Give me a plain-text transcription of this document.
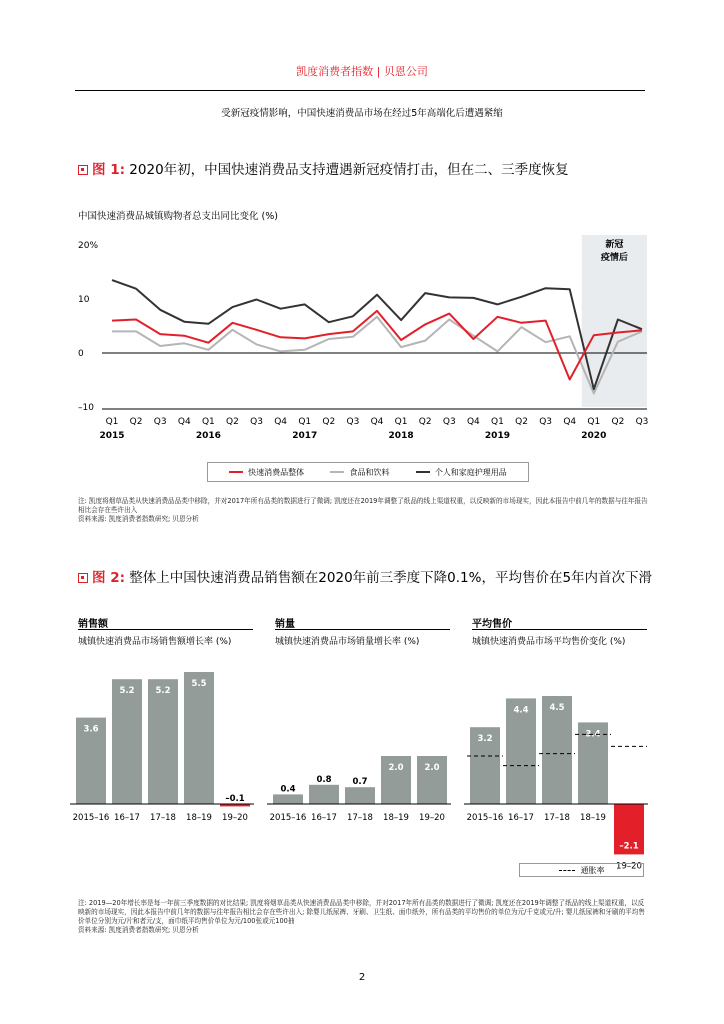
凯度消费者指数 | 贝恩公司
受新冠疫情影响，中国快速消费品市场在经过5年高端化后遭遇紧缩
图 1: 2020年初，中国快速消费品支持遭遇新冠疫情打击，但在二、三季度恢复
中国快速消费品城镇购物者总支出同比变化 (%)
新冠
疫情后
20%
10
0
–10
Q1 Q2 Q3 Q4 Q1 Q2 Q3 Q4 Q1 Q2 Q3 Q4 Q1 Q2 Q3 Q4 Q1 Q2 Q3 Q4 Q1 Q2 Q3
2015	2016	2017	2018	2019	2020
快速消费品整体	食品和饮料	个人和家庭护理用品
注: 凯度将烟草品类从快速消费品品类中移除，并对2017年所有品类的数据进行了微调; 凯度还在2019年调整了纸品的线上渠道权重，以反映新的市场现实，因此本报告中前几年的数据与往年报告相比会存在些许出入
资料来源: 凯度消费者指数研究; 贝恩分析
图 2: 整体上中国快速消费品销售额在2020年前三季度下降0.1%，平均售价在5年内首次下滑
销售额
城镇快速消费品市场销售额增长率 (%)
销量
城镇快速消费品市场销量增长率 (%)
平均售价
城镇快速消费品市场平均售价变化 (%)
3.6
5.2 5.2
5.5
–0.1
2015–16 16–17 17–18 18–19 19–20
0.4
0.8 0.7
2.0 2.0
2015–16 16–17 17–18 18–19 19–20
3.2
4.4 4.5
3.4
–2.1
2015–16 16–17 17–18 18–19
19–20
通胀率
注: 2019—20年增长率是每一年前三季度数据的对比结果; 凯度将烟草品类从快速消费品品类中移除，并对2017年所有品类的数据进行了微调; 凯度还在2019年调整了纸品的线上渠道权重，以反映新的市场现实，因此本报告中前几年的数据与往年报告相比会存在些许出入; 除婴儿纸尿裤、牙刷、卫生纸、面巾纸外，所有品类的平均售价的单位为元/千克或元/升; 婴儿纸尿裤和牙刷的平均售价单位分别为元/片和者元/支，面巾纸平均售价单位为元/100张或元100抽
资料来源: 凯度消费者指数研究; 贝恩分析
2
